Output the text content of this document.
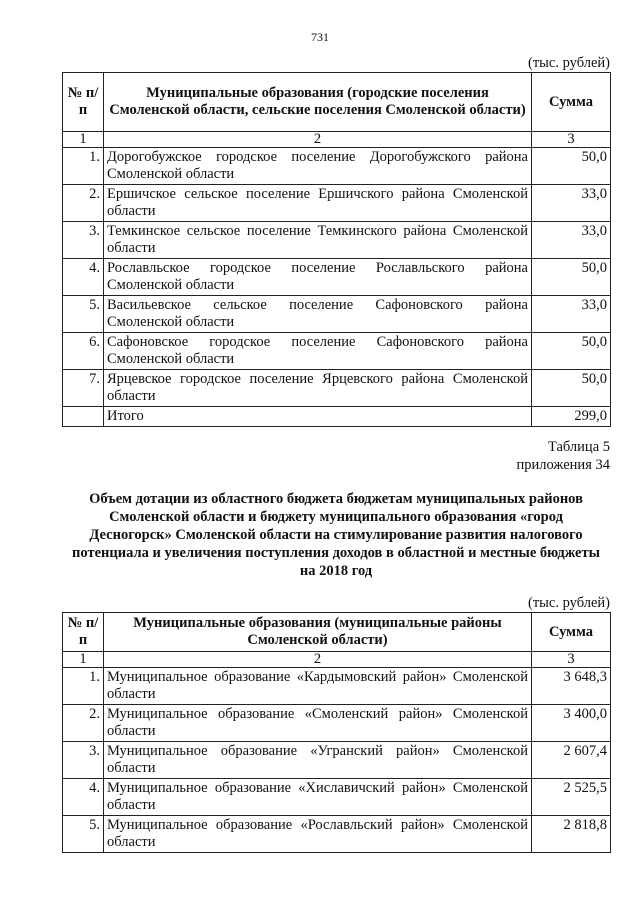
731
(тыс. рублей)
№ п/п	Муниципальные образования (городские поселения Смоленской области, сельские поселения Смоленской области)	Сумма
1	2	3
1.	Дорогобужское городское поселение Дорогобужского района Смоленской области	50,0
2.	Ершичское сельское поселение Ершичского района Смоленской области	33,0
3.	Темкинское сельское поселение Темкинского района Смоленской области	33,0
4.	Рославльское городское поселение Рославльского района Смоленской области	50,0
5.	Васильевское сельское поселение Сафоновского района Смоленской области	33,0
6.	Сафоновское городское поселение Сафоновского района Смоленской области	50,0
7.	Ярцевское городское поселение Ярцевского района Смоленской области	50,0
	Итого	299,0
Таблица 5
приложения 34
Объем дотации из областного бюджета бюджетам муниципальных районов Смоленской области и бюджету муниципального образования «город Десногорск» Смоленской области на стимулирование развития налогового потенциала и увеличения поступления доходов в областной и местные бюджеты на 2018 год
(тыс. рублей)
№ п/п	Муниципальные образования (муниципальные районы Смоленской области)	Сумма
1	2	3
1.	Муниципальное образование «Кардымовский район» Смоленской области	3 648,3
2.	Муниципальное образование «Смоленский район» Смоленской области	3 400,0
3.	Муниципальное образование «Угранский район» Смоленской области	2 607,4
4.	Муниципальное образование «Хиславичский район» Смоленской области	2 525,5
5.	Муниципальное образование «Рославльский район» Смоленской области	2 818,8
